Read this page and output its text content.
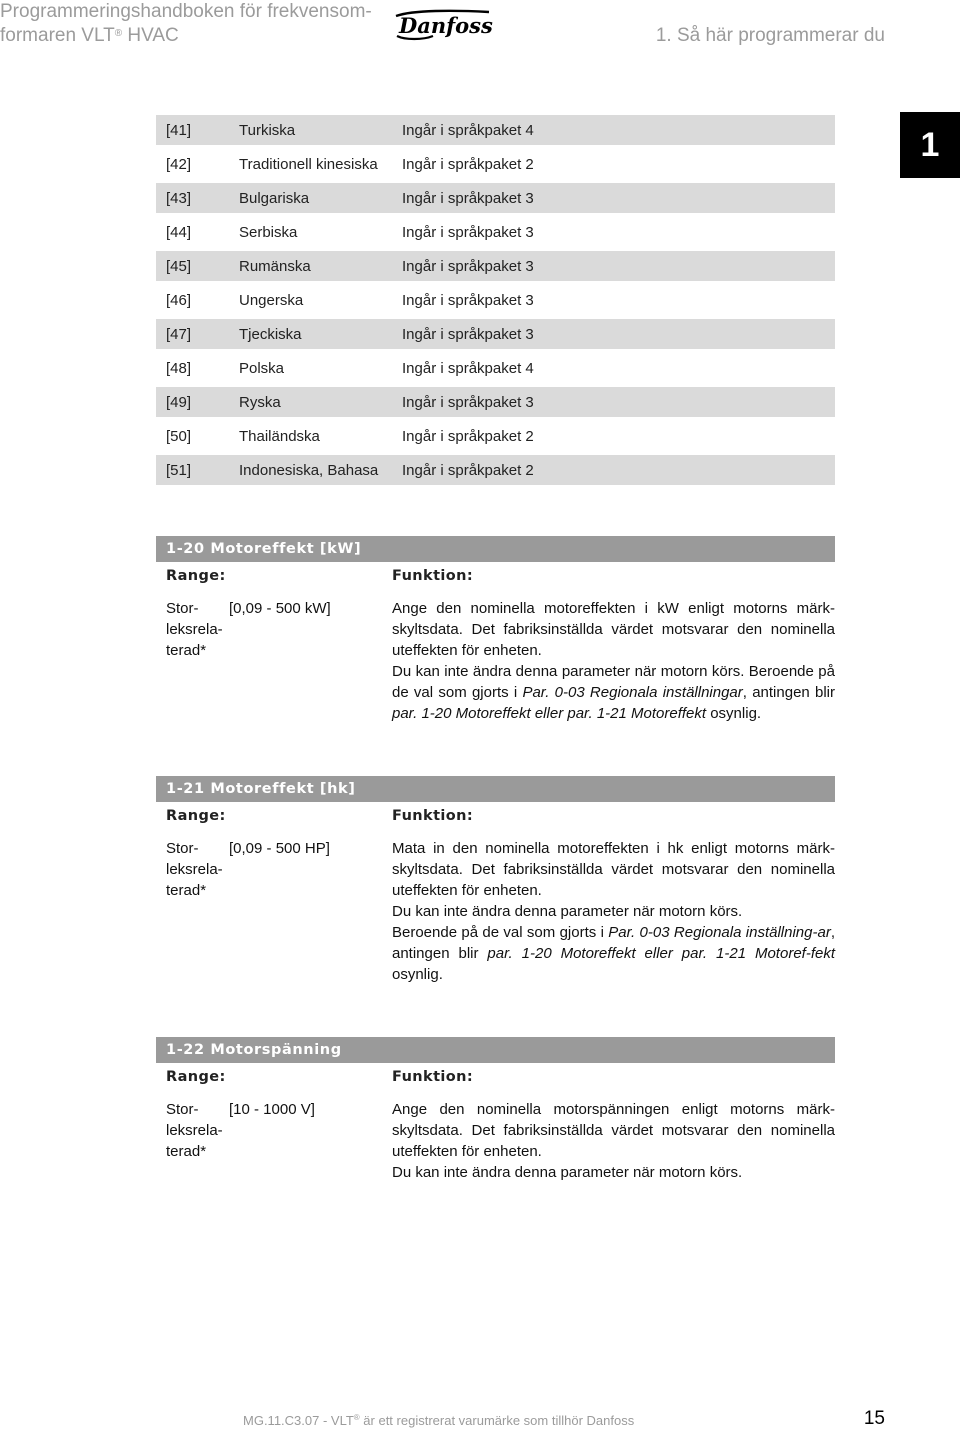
Programmeringshandboken för frekvensom-
formaren VLT® HVAC	Danfoss	1. Så här programmerar du
1
[41]	Turkiska	Ingår i språkpaket 4
[42]	Traditionell kinesiska	Ingår i språkpaket 2
[43]	Bulgariska	Ingår i språkpaket 3
[44]	Serbiska	Ingår i språkpaket 3
[45]	Rumänska	Ingår i språkpaket 3
[46]	Ungerska	Ingår i språkpaket 3
[47]	Tjeckiska	Ingår i språkpaket 3
[48]	Polska	Ingår i språkpaket 4
[49]	Ryska	Ingår i språkpaket 3
[50]	Thailändska	Ingår i språkpaket 2
[51]	Indonesiska, Bahasa	Ingår i språkpaket 2
1-20 Motoreffekt [kW]
Range:	Funktion:
Stor-
leksrela-
terad*
[0,09 - 500 kW]	Ange den nominella motoreffekten i kW enligt motorns märk-skyltsdata. Det fabriksinställda värdet motsvarar den nominella uteffekten för enheten.

Du kan inte ändra denna parameter när motorn körs. Beroende på de val som gjorts i Par. 0-03 Regionala inställningar, antingen blir par. 1-20 Motoreffekt eller par. 1-21 Motoreffekt osynlig.

1-21 Motoreffekt [hk]
Range:	Funktion:
Stor-
leksrela-
terad*
[0,09 - 500 HP]	Mata in den nominella motoreffekten i hk enligt motorns märk-skyltsdata. Det fabriksinställda värdet motsvarar den nominella uteffekten för enheten.

Du kan inte ändra denna parameter när motorn körs.

Beroende på de val som gjorts i Par. 0-03 Regionala inställning-ar, antingen blir par. 1-20 Motoreffekt eller par. 1-21 Motoref-fekt osynlig.

1-22 Motorspänning
Range:	Funktion:
Stor-
leksrela-
terad*
[10 - 1000 V]	Ange den nominella motorspänningen enligt motorns märk-skyltsdata. Det fabriksinställda värdet motsvarar den nominella uteffekten för enheten.

Du kan inte ändra denna parameter när motorn körs.

MG.11.C3.07 - VLT® är ett registrerat varumärke som tillhör Danfoss	15
